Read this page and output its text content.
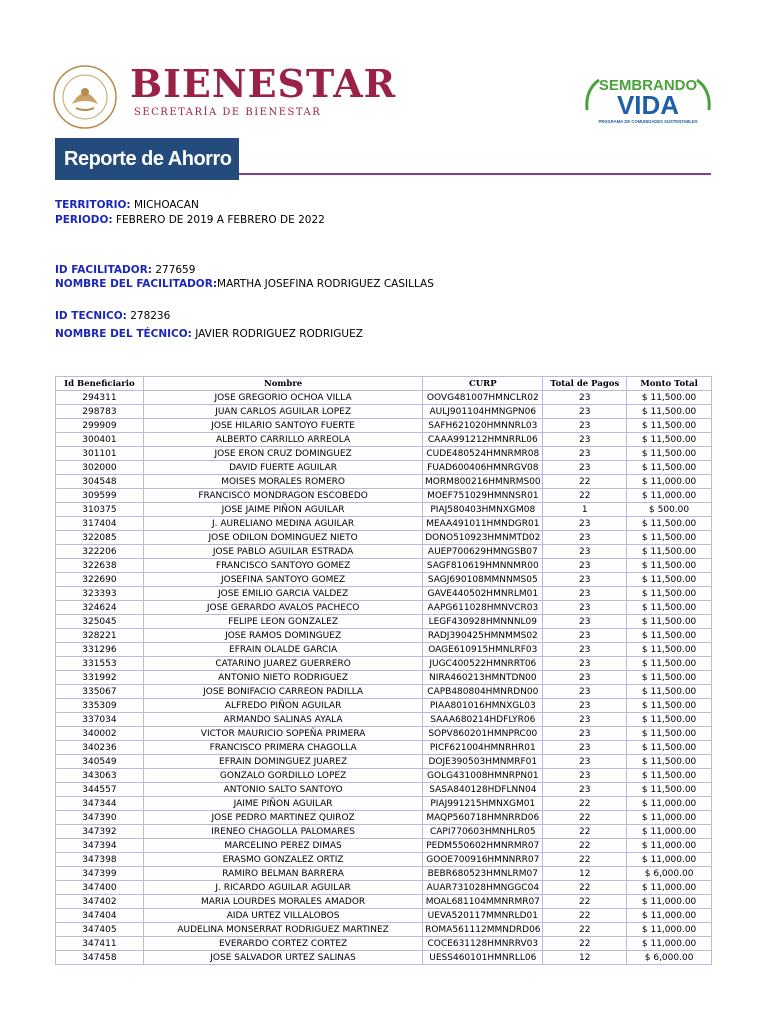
BIENESTAR
SECRETARÍA DE BIENESTAR
SEMBRANDO
VIDA
PROGRAMA DE COMUNIDADES SUSTENTABLES
Reporte de Ahorro
TERRITORIO: MICHOACAN
PERIODO: FEBRERO DE 2019 A FEBRERO DE 2022
ID FACILITADOR: 277659
NOMBRE DEL FACILITADOR:MARTHA JOSEFINA RODRIGUEZ CASILLAS
ID TECNICO: 278236
NOMBRE DEL TÉCNICO: JAVIER RODRIGUEZ RODRIGUEZ
Id Beneficiario	Nombre	CURP	Total de Pagos	Monto Total
294311	JOSE GREGORIO OCHOA VILLA	OOVG481007HMNCLR02	23	$ 11,500.00
298783	JUAN CARLOS AGUILAR LOPEZ	AULJ901104HMNGPN06	23	$ 11,500.00
299909	JOSE HILARIO SANTOYO FUERTE	SAFH621020HMNNRL03	23	$ 11,500.00
300401	ALBERTO CARRILLO ARREOLA	CAAA991212HMNRRL06	23	$ 11,500.00
301101	JOSE ERON CRUZ DOMINGUEZ	CUDE480524HMNRMR08	23	$ 11,500.00
302000	DAVID FUERTE AGUILAR	FUAD600406HMNRGV08	23	$ 11,500.00
304548	MOISES MORALES ROMERO	MORM800216HMNRMS00	22	$ 11,000.00
309599	FRANCISCO MONDRAGON ESCOBEDO	MOEF751029HMNNSR01	22	$ 11,000.00
310375	JOSE JAIME PIÑON AGUILAR	PIAJ580403HMNXGM08	1	$ 500.00
317404	J. AURELIANO MEDINA AGUILAR	MEAA491011HMNDGR01	23	$ 11,500.00
322085	JOSE ODILON DOMINGUEZ NIETO	DONO510923HMNMTD02	23	$ 11,500.00
322206	JOSE PABLO AGUILAR ESTRADA	AUEP700629HMNGSB07	23	$ 11,500.00
322638	FRANCISCO SANTOYO GOMEZ	SAGF810619HMNNMR00	23	$ 11,500.00
322690	JOSEFINA SANTOYO GOMEZ	SAGJ690108MMNNMS05	23	$ 11,500.00
323393	JOSE EMILIO GARCIA VALDEZ	GAVE440502HMNRLM01	23	$ 11,500.00
324624	JOSE GERARDO AVALOS PACHECO	AAPG611028HMNVCR03	23	$ 11,500.00
325045	FELIPE LEON GONZALEZ	LEGF430928HMNNNL09	23	$ 11,500.00
328221	JOSE RAMOS DOMINGUEZ	RADJ390425HMNMMS02	23	$ 11,500.00
331296	EFRAIN OLALDE GARCIA	OAGE610915HMNLRF03	23	$ 11,500.00
331553	CATARINO JUAREZ GUERRERO	JUGC400522HMNRRT06	23	$ 11,500.00
331992	ANTONIO NIETO RODRIGUEZ	NIRA460213HMNTDN00	23	$ 11,500.00
335067	JOSE BONIFACIO CARREON PADILLA	CAPB480804HMNRDN00	23	$ 11,500.00
335309	ALFREDO PIÑON AGUILAR	PIAA801016HMNXGL03	23	$ 11,500.00
337034	ARMANDO SALINAS AYALA	SAAA680214HDFLYR06	23	$ 11,500.00
340002	VICTOR MAURICIO SOPEÑA PRIMERA	SOPV860201HMNPRC00	23	$ 11,500.00
340236	FRANCISCO PRIMERA CHAGOLLA	PICF621004HMNRHR01	23	$ 11,500.00
340549	EFRAIN DOMINGUEZ JUAREZ	DOJE390503HMNMRF01	23	$ 11,500.00
343063	GONZALO GORDILLO LOPEZ	GOLG431008HMNRPN01	23	$ 11,500.00
344557	ANTONIO SALTO SANTOYO	SASA840128HDFLNN04	23	$ 11,500.00
347344	JAIME PIÑON AGUILAR	PIAJ991215HMNXGM01	22	$ 11,000.00
347390	JOSE PEDRO MARTINEZ QUIROZ	MAQP560718HMNRRD06	22	$ 11,000.00
347392	IRENEO CHAGOLLA PALOMARES	CAPI770603HMNHLR05	22	$ 11,000.00
347394	MARCELINO PEREZ DIMAS	PEDM550602HMNRMR07	22	$ 11,000.00
347398	ERASMO GONZALEZ ORTIZ	GOOE700916HMNNRR07	22	$ 11,000.00
347399	RAMIRO BELMAN BARRERA	BEBR680523HMNLRM07	12	$ 6,000.00
347400	J. RICARDO AGUILAR AGUILAR	AUAR731028HMNGGC04	22	$ 11,000.00
347402	MARIA LOURDES MORALES AMADOR	MOAL681104MMNRMR07	22	$ 11,000.00
347404	AIDA URTEZ VILLALOBOS	UEVA520117MMNRLD01	22	$ 11,000.00
347405	AUDELINA MONSERRAT RODRIGUEZ MARTINEZ	ROMA561112MMNDRD06	22	$ 11,000.00
347411	EVERARDO CORTEZ CORTEZ	COCE631128HMNRRV03	22	$ 11,000.00
347458	JOSE SALVADOR URTEZ SALINAS	UESS460101HMNRLL06	12	$ 6,000.00
